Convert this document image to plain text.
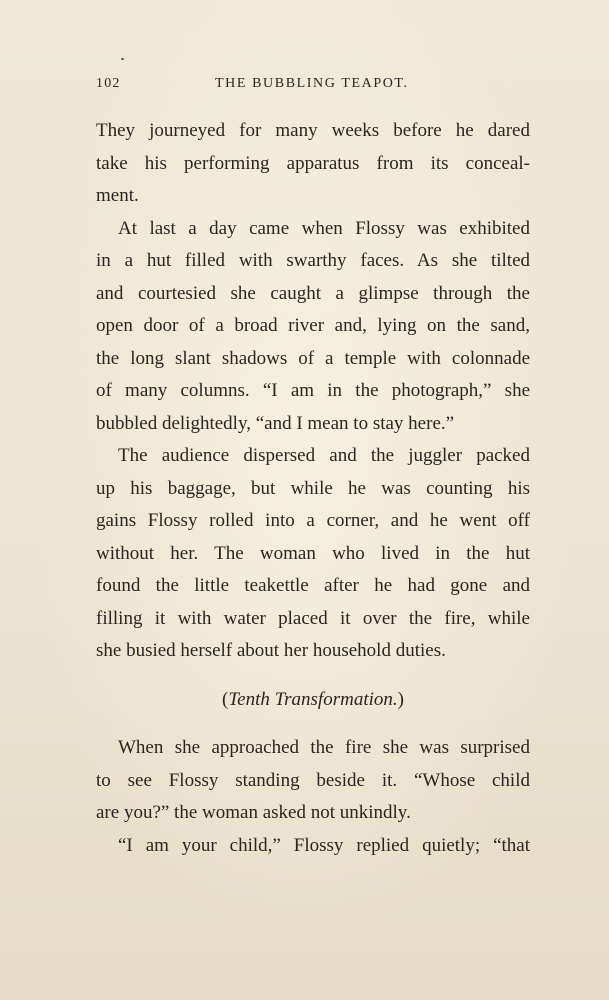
102	THE BUBBLING TEAPOT.
They journeyed for many weeks before he dared
take his performing apparatus from its conceal-
ment.
At last a day came when Flossy was exhibited
in a hut filled with swarthy faces. As she tilted
and courtesied she caught a glimpse through the
open door of a broad river and, lying on the sand,
the long slant shadows of a temple with colonnade
of many columns. “I am in the photograph,” she
bubbled delightedly, “and I mean to stay here.”
The audience dispersed and the juggler packed
up his baggage, but while he was counting his
gains Flossy rolled into a corner, and he went off
without her. The woman who lived in the hut
found the little teakettle after he had gone and
filling it with water placed it over the fire, while
she busied herself about her household duties.
(Tenth Transformation.)
When she approached the fire she was surprised
to see Flossy standing beside it. “Whose child
are you?” the woman asked not unkindly.
“I am your child,” Flossy replied quietly; “that
